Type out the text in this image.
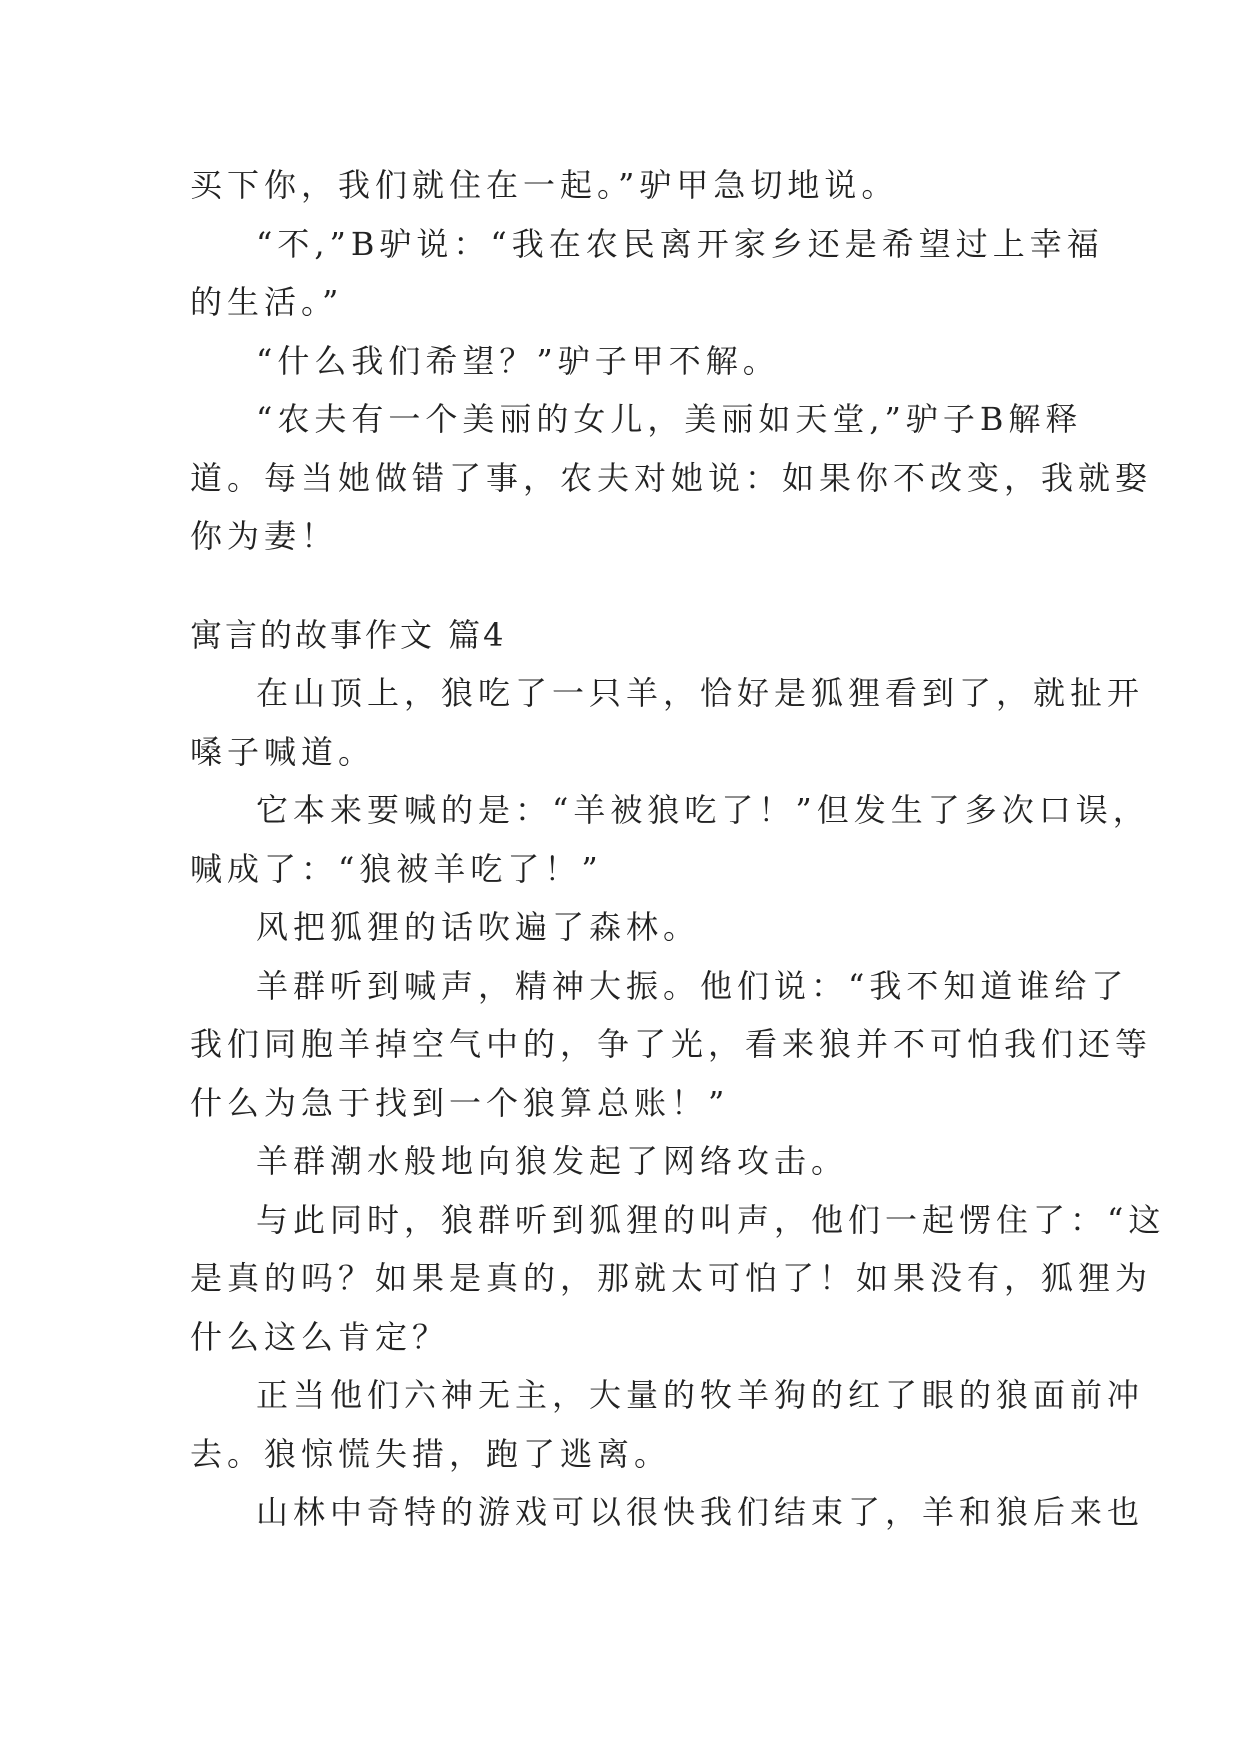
买下你，我们就住在一起。”驴甲急切地说。
“不,”B驴说：“我在农民离开家乡还是希望过上幸福
的生活。”
“什么我们希望？”驴子甲不解。
“农夫有一个美丽的女儿，美丽如天堂,”驴子B解释
道。每当她做错了事，农夫对她说：如果你不改变，我就娶
你为妻！
寓言的故事作文 篇4
在山顶上，狼吃了一只羊，恰好是狐狸看到了，就扯开
嗓子喊道。
它本来要喊的是：“羊被狼吃了！”但发生了多次口误，
喊成了：“狼被羊吃了！”
风把狐狸的话吹遍了森林。
羊群听到喊声，精神大振。他们说：“我不知道谁给了
我们同胞羊掉空气中的，争了光，看来狼并不可怕我们还等
什么为急于找到一个狼算总账！”
羊群潮水般地向狼发起了网络攻击。
与此同时，狼群听到狐狸的叫声，他们一起愣住了：“这
是真的吗？如果是真的，那就太可怕了！如果没有，狐狸为
什么这么肯定？
正当他们六神无主，大量的牧羊狗的红了眼的狼面前冲
去。狼惊慌失措，跑了逃离。
山林中奇特的游戏可以很快我们结束了，羊和狼后来也
